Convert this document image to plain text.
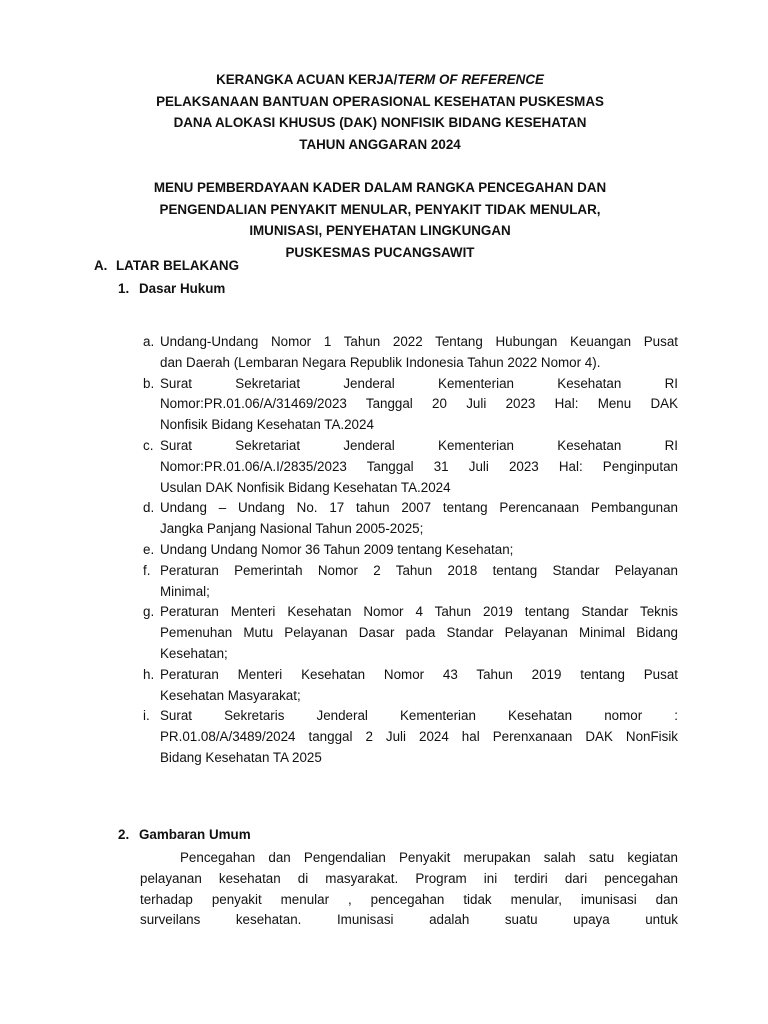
KERANGKA ACUAN KERJA/TERM OF REFERENCE
PELAKSANAAN BANTUAN OPERASIONAL KESEHATAN PUSKESMAS
DANA ALOKASI KHUSUS (DAK) NONFISIK BIDANG KESEHATAN
TAHUN ANGGARAN 2024
MENU PEMBERDAYAAN KADER DALAM RANGKA PENCEGAHAN DAN
PENGENDALIAN PENYAKIT MENULAR, PENYAKIT TIDAK MENULAR,
IMUNISASI, PENYEHATAN LINGKUNGAN
PUSKESMAS PUCANGSAWIT
A. LATAR BELAKANG
1. Dasar Hukum
a. Undang-Undang Nomor 1 Tahun 2022 Tentang Hubungan Keuangan Pusat
dan Daerah (Lembaran Negara Republik Indonesia Tahun 2022 Nomor 4).
b. Surat Sekretariat Jenderal Kementerian Kesehatan RI
Nomor:PR.01.06/A/31469/2023 Tanggal 20 Juli 2023 Hal: Menu DAK
Nonfisik Bidang Kesehatan TA.2024
c. Surat Sekretariat Jenderal Kementerian Kesehatan RI
Nomor:PR.01.06/A.I/2835/2023 Tanggal 31 Juli 2023 Hal: Penginputan
Usulan DAK Nonfisik Bidang Kesehatan TA.2024
d. Undang – Undang No. 17 tahun 2007 tentang Perencanaan Pembangunan
Jangka Panjang Nasional Tahun 2005-2025;
e. Undang Undang Nomor 36 Tahun 2009 tentang Kesehatan;
f. Peraturan Pemerintah Nomor 2 Tahun 2018 tentang Standar Pelayanan
Minimal;
g. Peraturan Menteri Kesehatan Nomor 4 Tahun 2019 tentang Standar Teknis
Pemenuhan Mutu Pelayanan Dasar pada Standar Pelayanan Minimal Bidang
Kesehatan;
h. Peraturan Menteri Kesehatan Nomor 43 Tahun 2019 tentang Pusat
Kesehatan Masyarakat;
i. Surat Sekretaris Jenderal Kementerian Kesehatan nomor :
PR.01.08/A/3489/2024 tanggal 2 Juli 2024 hal Perenxanaan DAK NonFisik
Bidang Kesehatan TA 2025
2. Gambaran Umum
Pencegahan dan Pengendalian Penyakit merupakan salah satu kegiatan
pelayanan kesehatan di masyarakat. Program ini terdiri dari pencegahan
terhadap penyakit menular , pencegahan tidak menular, imunisasi dan
surveilans kesehatan. Imunisasi adalah suatu upaya untuk
